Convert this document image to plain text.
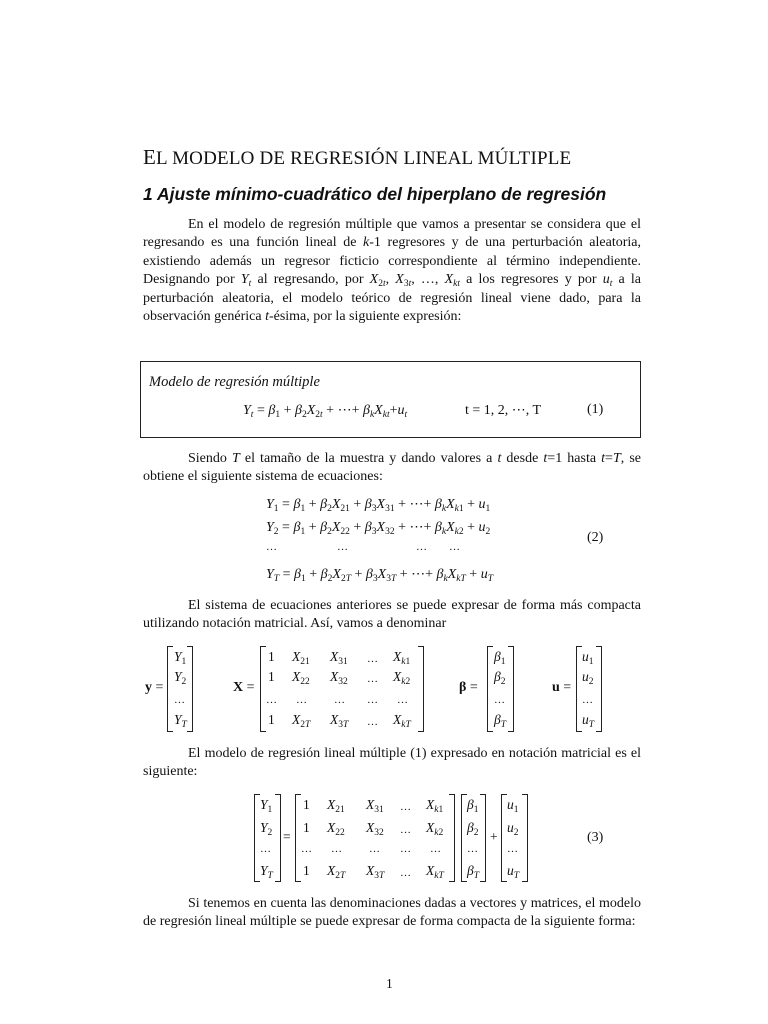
EL MODELO DE REGRESIÓN LINEAL MÚLTIPLE
1 Ajuste mínimo-cuadrático del hiperplano de regresión

En el modelo de regresión múltiple que vamos a presentar se considera que el regresando es una función lineal de k-1 regresores y de una perturbación aleatoria, existiendo además un regresor ficticio correspondiente al término independiente. Designando por $Y_t$ al regresando, por $X_{2t}$, $X_{3t}$, …, $X_{kt}$ a los regresores y por $u_t$ a la perturbación aleatoria, el modelo teórico de regresión lineal viene dado, para la observación genérica t-ésima, por la siguiente expresión:

Modelo de regresión múltiple
$Y_t = \beta_1 + \beta_2X_{2t}$ + ⋯+ $\beta_kX_{kt}+u_t$	t = 1, 2, ⋯, T	(1)

Siendo T el tamaño de la muestra y dando valores a t desde t=1 hasta t=T, se obtiene el siguiente sistema de ecuaciones:

$Y_1 = \beta_1 + \beta_2X_{21} + \beta_3X_{31}$ + ⋯+ $\beta_kX_{k1} + u_1$
$Y_2 = \beta_1 + \beta_2X_{22} + \beta_3X_{32}$ + ⋯+ $\beta_kX_{k2} + u_2$
…	…	… …
$Y_T = \beta_1 + \beta_2X_{2T} + \beta_3X_{3T}$ + ⋯+ $\beta_kX_{kT} + u_T$
(2)

El sistema de ecuaciones anteriores se puede expresar de forma más compacta utilizando notación matricial. Así, vamos a denominar

y =
$Y_1$
$Y_2$
…
$Y_T$
X =
1 $X_{21}$ $X_{31}$ … $X_{k1}$
1 $X_{22}$ $X_{32}$ … $X_{k2}$
… … … … …
1 $X_{2T}$ $X_{3T}$ … $X_{kT}$
β =
$\beta_1$
$\beta_2$
…
$\beta_T$
u =
$u_1$
$u_2$
…
$u_T$

El modelo de regresión lineal múltiple (1) expresado en notación matricial es el siguiente:

$Y_1$
$Y_2$
…
$Y_T$
=
1 $X_{21}$ $X_{31}$ … $X_{k1}$
1 $X_{22}$ $X_{32}$ … $X_{k2}$
… … … … …
1 $X_{2T}$ $X_{3T}$ … $X_{kT}$
$\beta_1$
$\beta_2$
…
$\beta_T$
+
$u_1$
$u_2$
…
$u_T$
(3)

Si tenemos en cuenta las denominaciones dadas a vectores y matrices, el modelo de regresión lineal múltiple se puede expresar de forma compacta de la siguiente forma:

1
